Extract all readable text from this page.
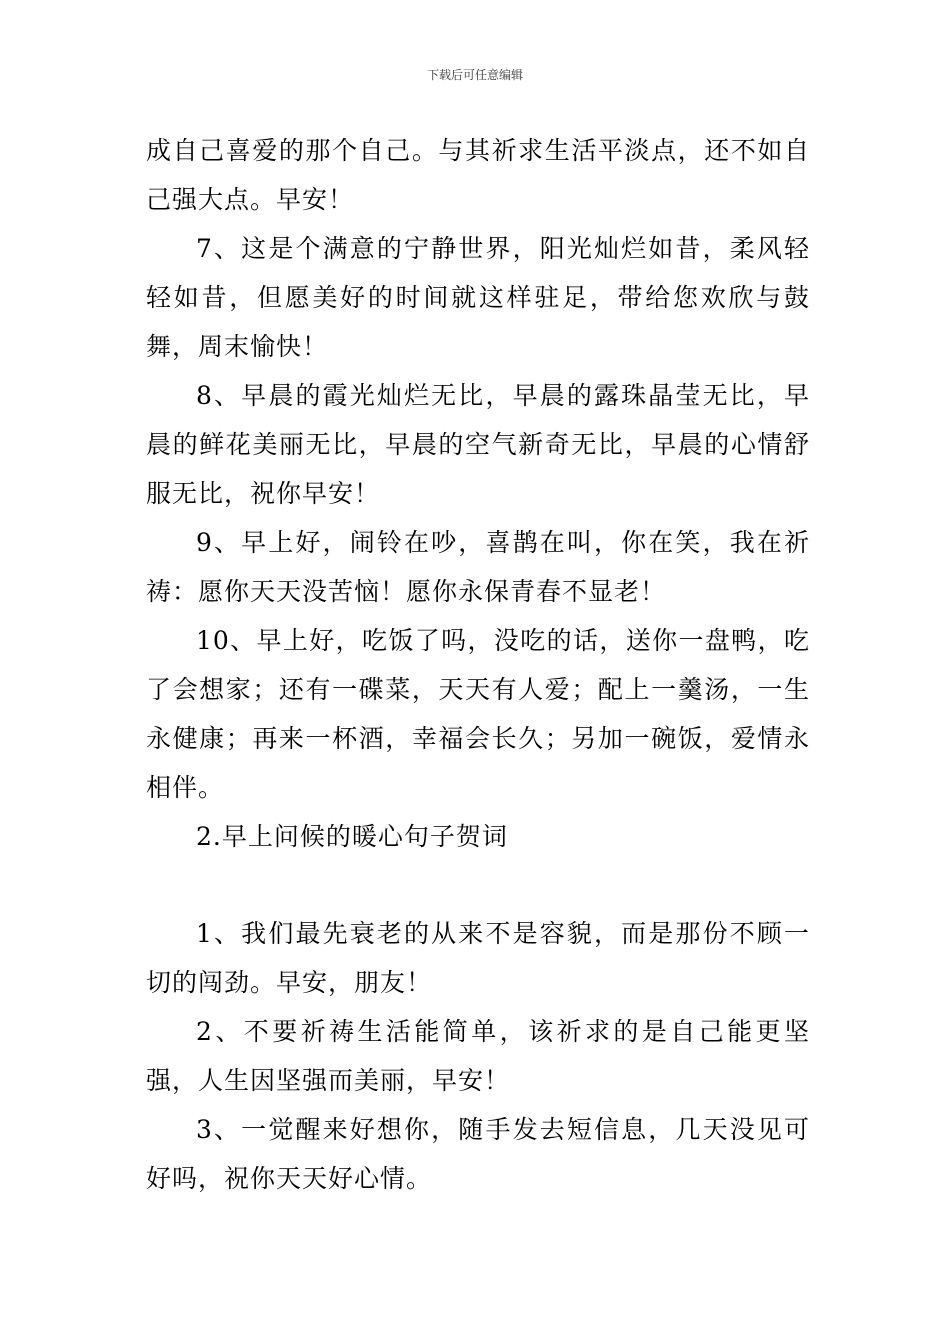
下载后可任意编辑

成自己喜爱的那个自己。与其祈求生活平淡点，还不如自己强大点。早安！

7、这是个满意的宁静世界，阳光灿烂如昔，柔风轻轻如昔，但愿美好的时间就这样驻足，带给您欢欣与鼓舞，周末愉快！

8、早晨的霞光灿烂无比，早晨的露珠晶莹无比，早晨的鲜花美丽无比，早晨的空气新奇无比，早晨的心情舒服无比，祝你早安！

9、早上好，闹铃在吵，喜鹊在叫，你在笑，我在祈祷：愿你天天没苦恼！愿你永保青春不显老！

10、早上好，吃饭了吗，没吃的话，送你一盘鸭，吃了会想家；还有一碟菜，天天有人爱；配上一羹汤，一生永健康；再来一杯酒，幸福会长久；另加一碗饭，爱情永相伴。

2.早上问候的暖心句子贺词

1、我们最先衰老的从来不是容貌，而是那份不顾一切的闯劲。早安，朋友！

2、不要祈祷生活能简单，该祈求的是自己能更坚强，人生因坚强而美丽，早安！

3、一觉醒来好想你，随手发去短信息，几天没见可好吗，祝你天天好心情。
